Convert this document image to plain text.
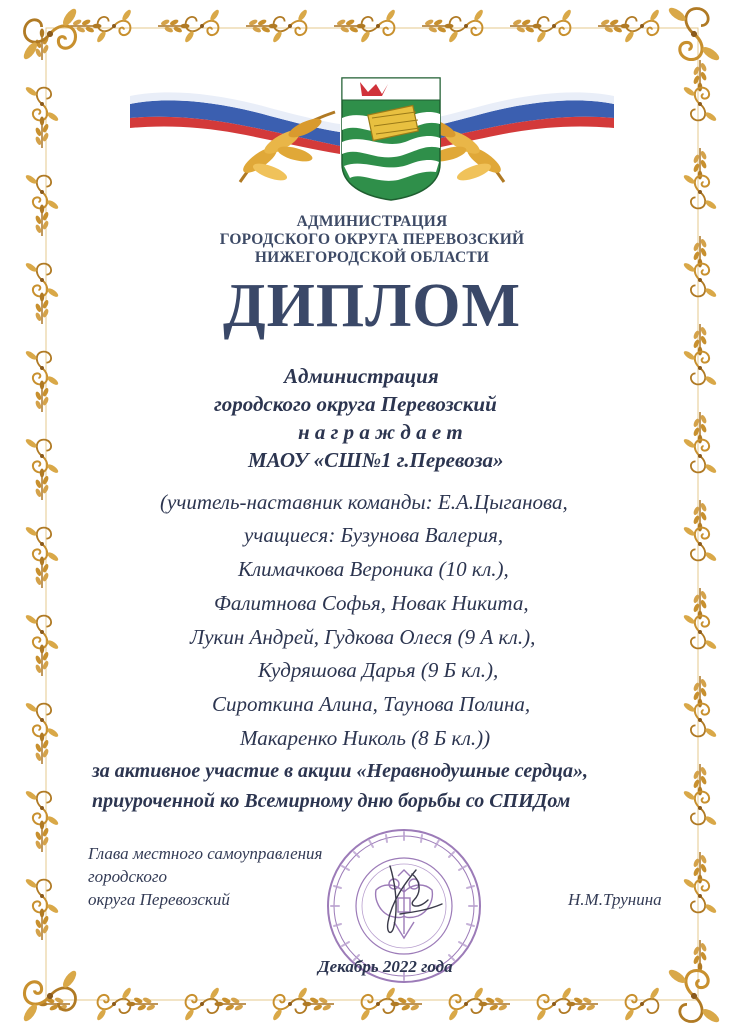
АДМИНИСТРАЦИЯ
ГОРОДСКОГО ОКРУГА ПЕРЕВОЗСКИЙ
НИЖЕГОРОДСКОЙ ОБЛАСТИ
ДИПЛОМ
Администрация
городского округа Перевозский
н а г р а ж д а е т
МАОУ «СШ№1 г.Перевоза»
(учитель-наставник команды: Е.А.Цыганова,
учащиеся: Бузунова Валерия,
Климачкова Вероника (10 кл.),
Фалитнова Софья, Новак Никита,
Лукин Андрей, Гудкова Олеся (9 А кл.),
Кудряшова Дарья (9 Б кл.),
Сироткина Алина, Таунова Полина,
Макаренко Николь (8 Б кл.))
за активное участие в акции «Неравнодушные сердца»,
приуроченной ко Всемирному дню борьбы со СПИДом
Глава местного самоуправления
городского
округа Перевозский	Н.М.Трунина
Декабрь 2022 года
